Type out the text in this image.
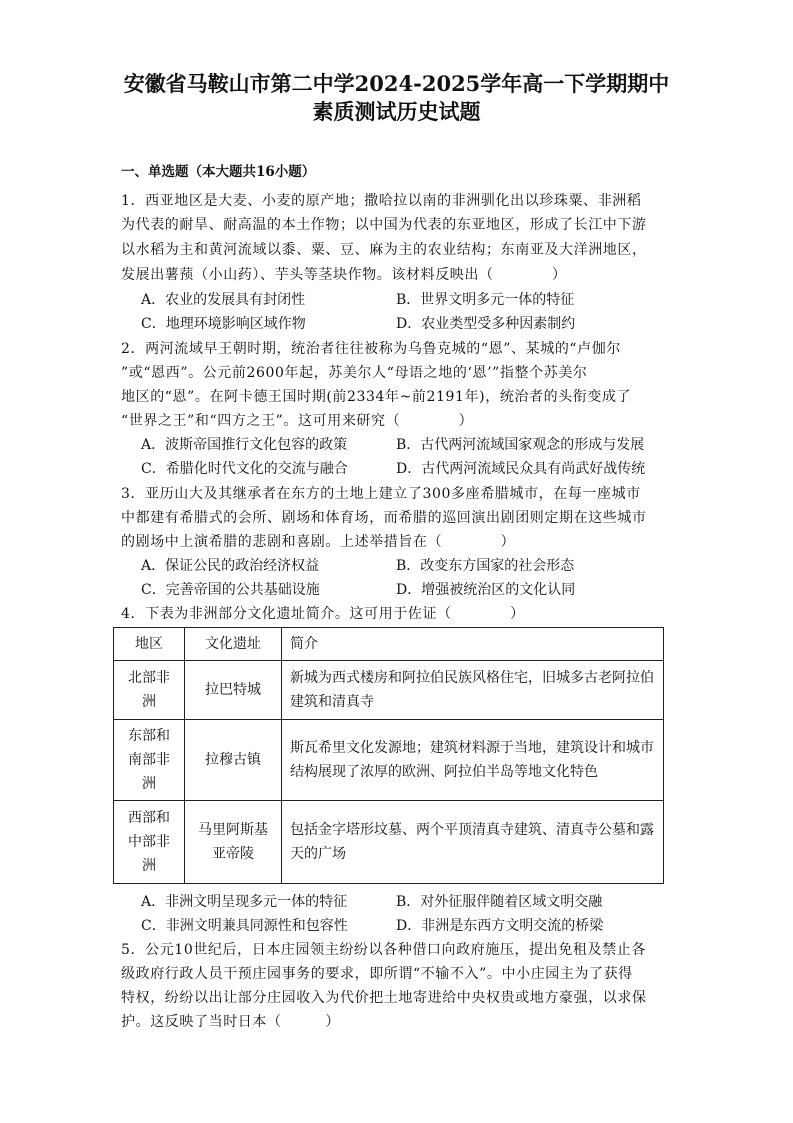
安徽省马鞍山市第二中学2024-2025学年高一下学期期中
素质测试历史试题
一、单选题（本大题共16小题）
1．西亚地区是大麦、小麦的原产地；撒哈拉以南的非洲驯化出以珍珠粟、非洲稻
为代表的耐旱、耐高温的本土作物；以中国为代表的东亚地区，形成了长江中下游
以水稻为主和黄河流域以黍、粟、豆、麻为主的农业结构；东南亚及大洋洲地区，
发展出薯蓣（小山药）、芋头等茎块作物。该材料反映出（　　　　）
A．农业的发展具有封闭性	B．世界文明多元一体的特征
C．地理环境影响区域作物	D．农业类型受多种因素制约
2．两河流域早王朝时期，统治者往往被称为乌鲁克城的“恩”、某城的“卢伽尔
”或“恩西”。公元前2600年起，苏美尔人“母语之地的‘恩’”指整个苏美尔
地区的“恩”。在阿卡德王国时期(前2334年~前2191年)，统治者的头衔变成了
“世界之王”和“四方之王”。这可用来研究（　　　　）
A．波斯帝国推行文化包容的政策	B．古代两河流域国家观念的形成与发展
C．希腊化时代文化的交流与融合	D．古代两河流域民众具有尚武好战传统
3．亚历山大及其继承者在东方的土地上建立了300多座希腊城市，在每一座城市
中都建有希腊式的会所、剧场和体育场，而希腊的巡回演出剧团则定期在这些城市
的剧场中上演希腊的悲剧和喜剧。上述举措旨在（　　　　）
A．保证公民的政治经济权益	B．改变东方国家的社会形态
C．完善帝国的公共基础设施	D．增强被统治区的文化认同
4．下表为非洲部分文化遗址简介。这可用于佐证（　　　　）
地区	文化遗址	简介
北部非洲	拉巴特城	新城为西式楼房和阿拉伯民族风格住宅，旧城多古老阿拉伯建筑和清真寺
东部和南部非洲	拉穆古镇	斯瓦希里文化发源地；建筑材料源于当地，建筑设计和城市结构展现了浓厚的欧洲、阿拉伯半岛等地文化特色
西部和中部非洲	马里阿斯基亚帝陵	包括金字塔形坟墓、两个平顶清真寺建筑、清真寺公墓和露天的广场
A．非洲文明呈现多元一体的特征	B．对外征服伴随着区域文明交融
C．非洲文明兼具同源性和包容性	D．非洲是东西方文明交流的桥梁
5．公元10世纪后，日本庄园领主纷纷以各种借口向政府施压，提出免租及禁止各
级政府行政人员干预庄园事务的要求，即所谓“不输不入”。中小庄园主为了获得
特权，纷纷以出让部分庄园收入为代价把土地寄进给中央权贵或地方豪强，以求保
护。这反映了当时日本（　　　）
